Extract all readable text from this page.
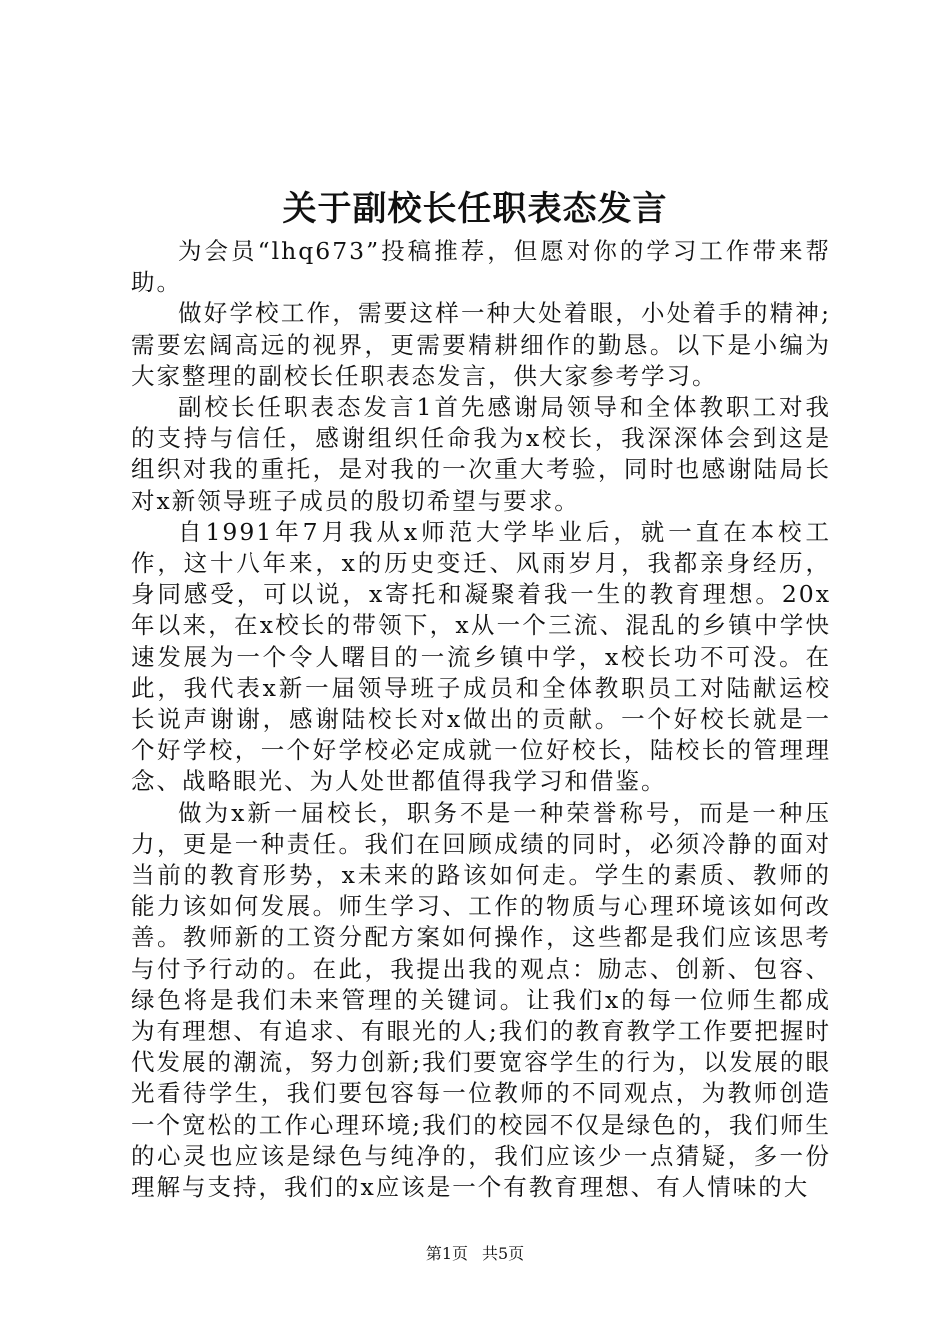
关于副校长任职表态发言

为会员“lhq673”投稿推荐，但愿对你的学习工作带来帮助。

做好学校工作，需要这样一种大处着眼，小处着手的精神;需要宏阔高远的视界，更需要精耕细作的勤恳。以下是小编为大家整理的副校长任职表态发言，供大家参考学习。

副校长任职表态发言1首先感谢局领导和全体教职工对我的支持与信任，感谢组织任命我为x校长，我深深体会到这是组织对我的重托，是对我的一次重大考验，同时也感谢陆局长对x新领导班子成员的殷切希望与要求。

自1991年7月我从x师范大学毕业后，就一直在本校工作，这十八年来，x的历史变迁、风雨岁月，我都亲身经历，身同感受，可以说，x寄托和凝聚着我一生的教育理想。20x年以来，在x校长的带领下，x从一个三流、混乱的乡镇中学快速发展为一个令人曙目的一流乡镇中学，x校长功不可没。在此，我代表x新一届领导班子成员和全体教职员工对陆献运校长说声谢谢，感谢陆校长对x做出的贡献。一个好校长就是一个好学校，一个好学校必定成就一位好校长，陆校长的管理理念、战略眼光、为人处世都值得我学习和借鉴。

做为x新一届校长，职务不是一种荣誉称号，而是一种压力，更是一种责任。我们在回顾成绩的同时，必须冷静的面对当前的教育形势，x未来的路该如何走。学生的素质、教师的能力该如何发展。师生学习、工作的物质与心理环境该如何改善。教师新的工资分配方案如何操作，这些都是我们应该思考与付予行动的。在此，我提出我的观点：励志、创新、包容、绿色将是我们未来管理的关键词。让我们x的每一位师生都成为有理想、有追求、有眼光的人;我们的教育教学工作要把握时代发展的潮流，努力创新;我们要宽容学生的行为，以发展的眼光看待学生，我们要包容每一位教师的不同观点，为教师创造一个宽松的工作心理环境;我们的校园不仅是绿色的，我们师生的心灵也应该是绿色与纯净的，我们应该少一点猜疑，多一份理解与支持，我们的x应该是一个有教育理想、有人情味的大

第1页 共5页
